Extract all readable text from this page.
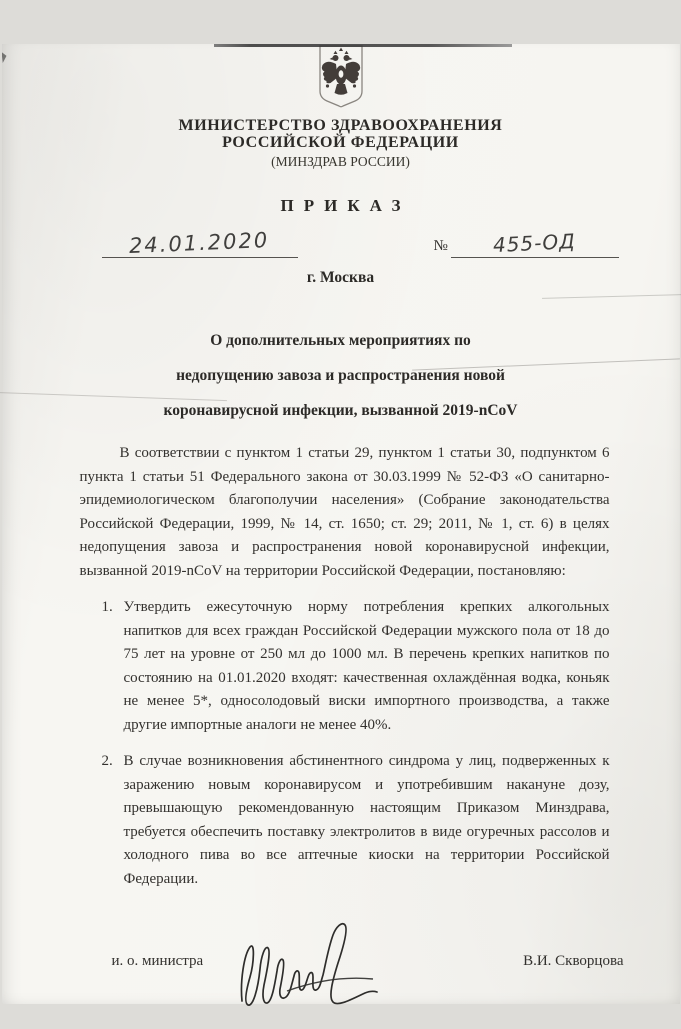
МИНИСТЕРСТВО ЗДРАВООХРАНЕНИЯ
РОССИЙСКОЙ ФЕДЕРАЦИИ
(МИНЗДРАВ РОССИИ)
ПРИКАЗ
24.01.2020	№	455-ОД
г. Москва
О дополнительных мероприятиях по
недопущению завоза и распространения новой
коронавирусной инфекции, вызванной 2019-nCoV

В соответствии с пунктом 1 статьи 29, пунктом 1 статьи 30, подпунктом 6 пункта 1 статьи 51 Федерального закона от 30.03.1999 № 52-ФЗ «О санитарно-эпидемиологическом благополучии населения» (Собрание законодательства Российской Федерации, 1999, № 14, ст. 1650; ст. 29; 2011, № 1, ст. 6) в целях недопущения завоза и распространения новой коронавирусной инфекции, вызванной 2019-nCoV на территории Российской Федерации, постановляю:

1. Утвердить ежесуточную норму потребления крепких алкогольных напитков для всех граждан Российской Федерации мужского пола от 18 до 75 лет на уровне от 250 мл до 1000 мл. В перечень крепких напитков по состоянию на 01.01.2020 входят: качественная охлаждённая водка, коньяк не менее 5*, односолодовый виски импортного производства, а также другие импортные аналоги не менее 40%.
2. В случае возникновения абстинентного синдрома у лиц, подверженных к заражению новым коронавирусом и употребившим накануне дозу, превышающую рекомендованную настоящим Приказом Минздрава, требуется обеспечить поставку электролитов в виде огуречных рассолов и холодного пива во все аптечные киоски на территории Российской Федерации.
и. о. министра	В.И. Скворцова
